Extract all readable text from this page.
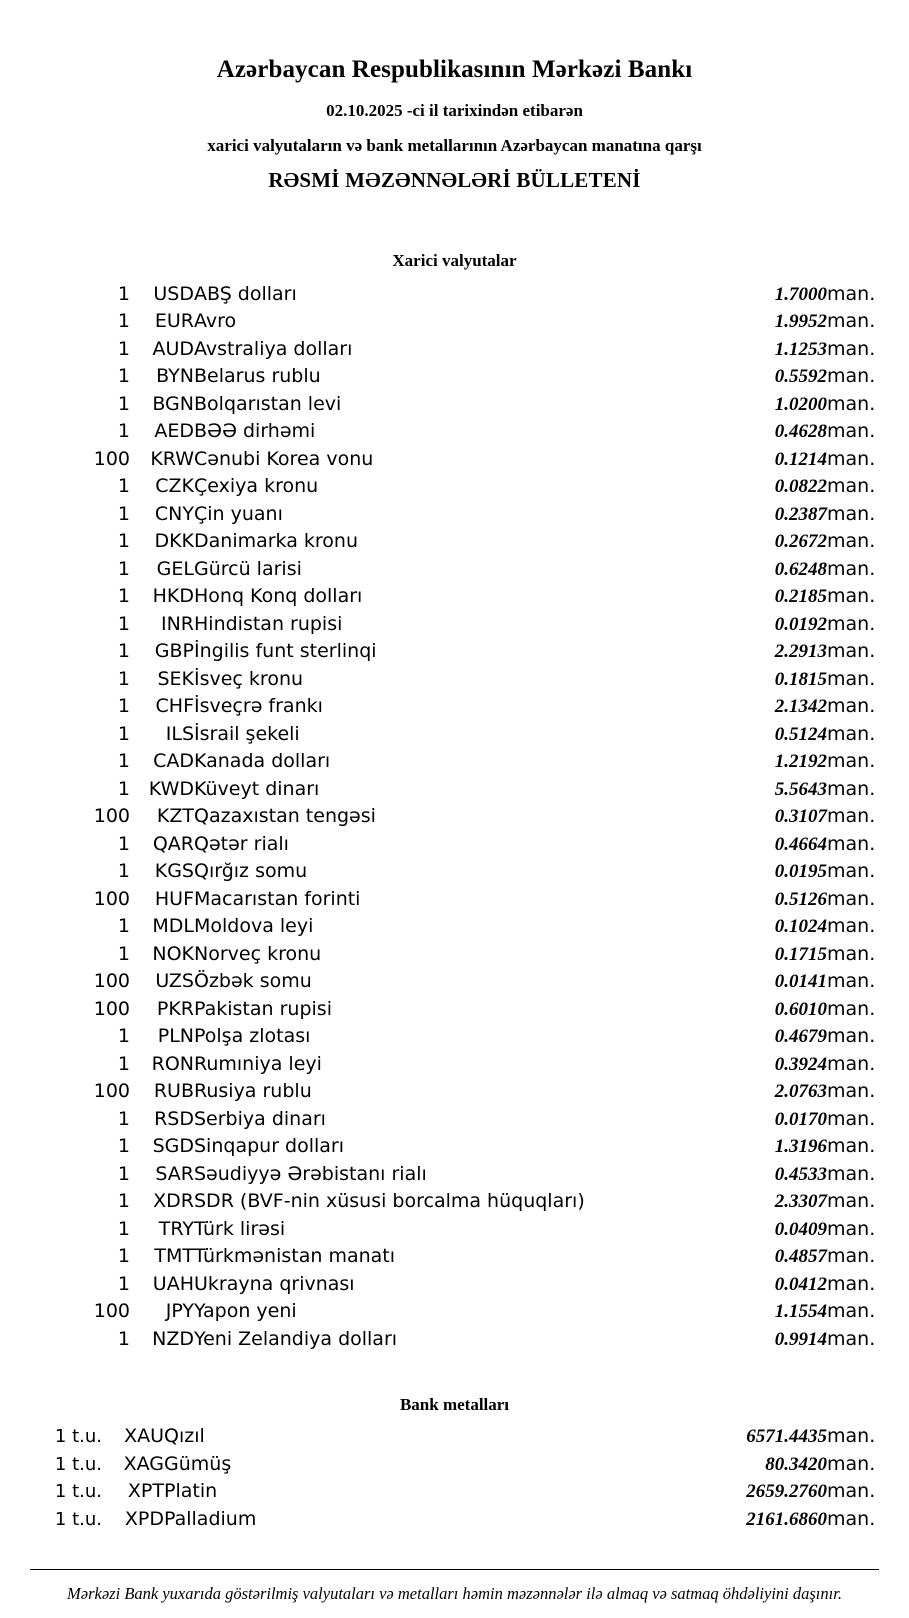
Azərbaycan Respublikasının Mərkəzi Bankı
02.10.2025 -ci il tarixindən etibarən
xarici valyutaların və bank metallarının Azərbaycan manatına qarşı
RƏSMİ MƏZƏNNƏLƏRİ BÜLLETENİ
Xarici valyutalar
1	USD	ABŞ dolları	1.7000	man.
1	EUR	Avro	1.9952	man.
1	AUD	Avstraliya dolları	1.1253	man.
1	BYN	Belarus rublu	0.5592	man.
1	BGN	Bolqarıstan levi	1.0200	man.
1	AED	BƏƏ dirhəmi	0.4628	man.
100	KRW	Cənubi Korea vonu	0.1214	man.
1	CZK	Çexiya kronu	0.0822	man.
1	CNY	Çin yuanı	0.2387	man.
1	DKK	Danimarka kronu	0.2672	man.
1	GEL	Gürcü larisi	0.6248	man.
1	HKD	Honq Konq dolları	0.2185	man.
1	INR	Hindistan rupisi	0.0192	man.
1	GBP	İngilis funt sterlinqi	2.2913	man.
1	SEK	İsveç kronu	0.1815	man.
1	CHF	İsveçrə frankı	2.1342	man.
1	ILS	İsrail şekeli	0.5124	man.
1	CAD	Kanada dolları	1.2192	man.
1	KWD	Küveyt dinarı	5.5643	man.
100	KZT	Qazaxıstan tengəsi	0.3107	man.
1	QAR	Qətər rialı	0.4664	man.
1	KGS	Qırğız somu	0.0195	man.
100	HUF	Macarıstan forinti	0.5126	man.
1	MDL	Moldova leyi	0.1024	man.
1	NOK	Norveç kronu	0.1715	man.
100	UZS	Özbək somu	0.0141	man.
100	PKR	Pakistan rupisi	0.6010	man.
1	PLN	Polşa zlotası	0.4679	man.
1	RON	Rumıniya leyi	0.3924	man.
100	RUB	Rusiya rublu	2.0763	man.
1	RSD	Serbiya dinarı	0.0170	man.
1	SGD	Sinqapur dolları	1.3196	man.
1	SAR	Səudiyyə Ərəbistanı rialı	0.4533	man.
1	XDR	SDR (BVF-nin xüsusi borcalma hüquqları)	2.3307	man.
1	TRY	Türk lirəsi	0.0409	man.
1	TMT	Türkmənistan manatı	0.4857	man.
1	UAH	Ukrayna qrivnası	0.0412	man.
100	JPY	Yapon yeni	1.1554	man.
1	NZD	Yeni Zelandiya dolları	0.9914	man.
Bank metalları
1 t.u.	XAU	Qızıl	6571.4435	man.
1 t.u.	XAG	Gümüş	80.3420	man.
1 t.u.	XPT	Platin	2659.2760	man.
1 t.u.	XPD	Palladium	2161.6860	man.
Mərkəzi Bank yuxarıda göstərilmiş valyutaları və metalları həmin məzənnələr ilə almaq və satmaq öhdəliyini daşınır.
